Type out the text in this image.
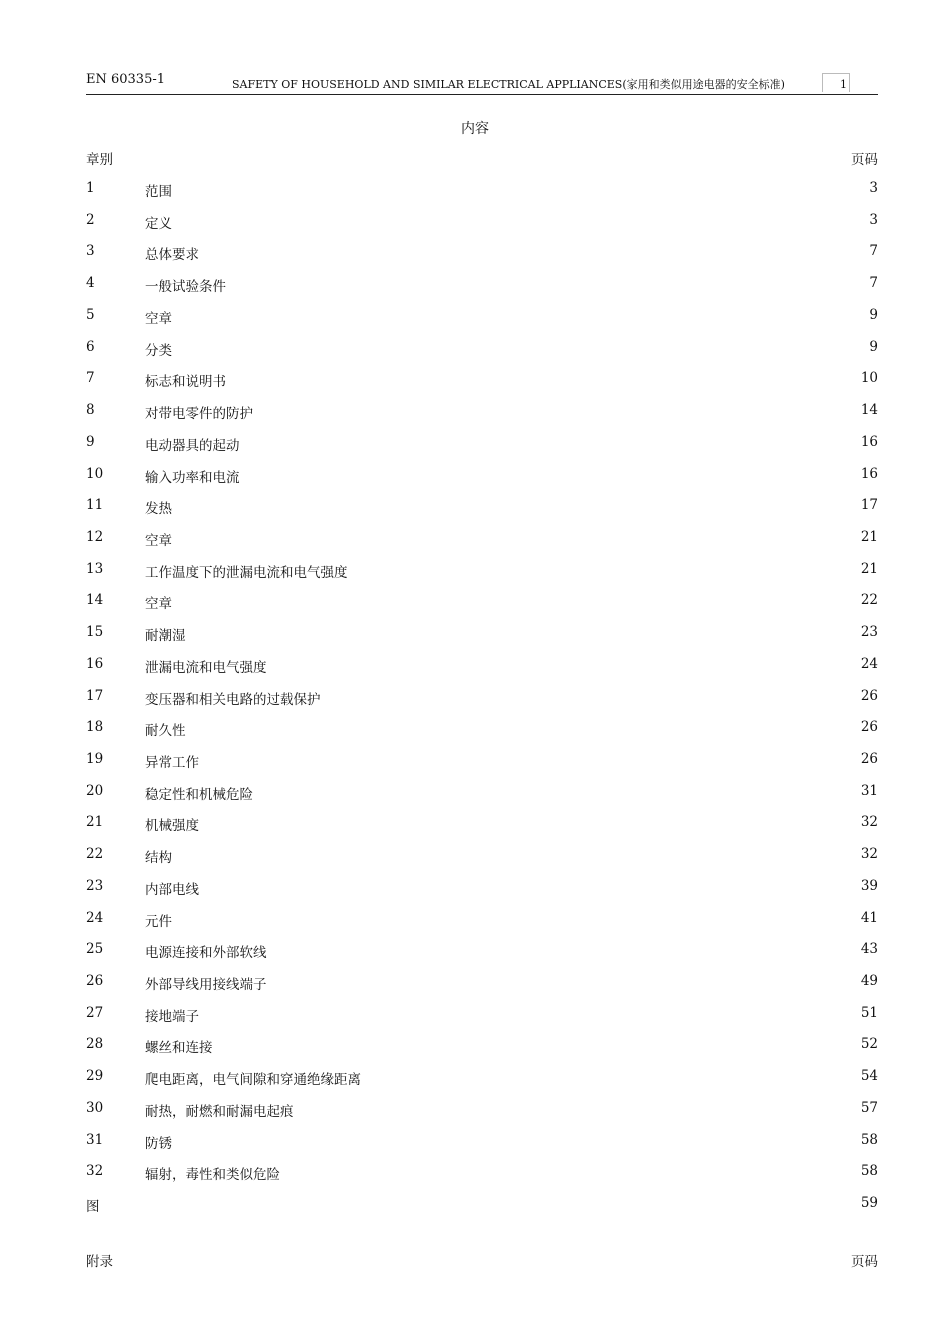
EN 60335-1	SAFETY OF HOUSEHOLD AND SIMILAR ELECTRICAL APPLIANCES(家用和类似用途电器的安全标准)	1
内容
章别	页码
1	范围	3
2	定义	3
3	总体要求	7
4	一般试验条件	7
5	空章	9
6	分类	9
7	标志和说明书	10
8	对带电零件的防护	14
9	电动器具的起动	16
10	输入功率和电流	16
11	发热	17
12	空章	21
13	工作温度下的泄漏电流和电气强度	21
14	空章	22
15	耐潮湿	23
16	泄漏电流和电气强度	24
17	变压器和相关电路的过载保护	26
18	耐久性	26
19	异常工作	26
20	稳定性和机械危险	31
21	机械强度	32
22	结构	32
23	内部电线	39
24	元件	41
25	电源连接和外部软线	43
26	外部导线用接线端子	49
27	接地端子	51
28	螺丝和连接	52
29	爬电距离，电气间隙和穿通绝缘距离	54
30	耐热，耐燃和耐漏电起痕	57
31	防锈	58
32	辐射，毒性和类似危险	58
图	59
附录	页码
